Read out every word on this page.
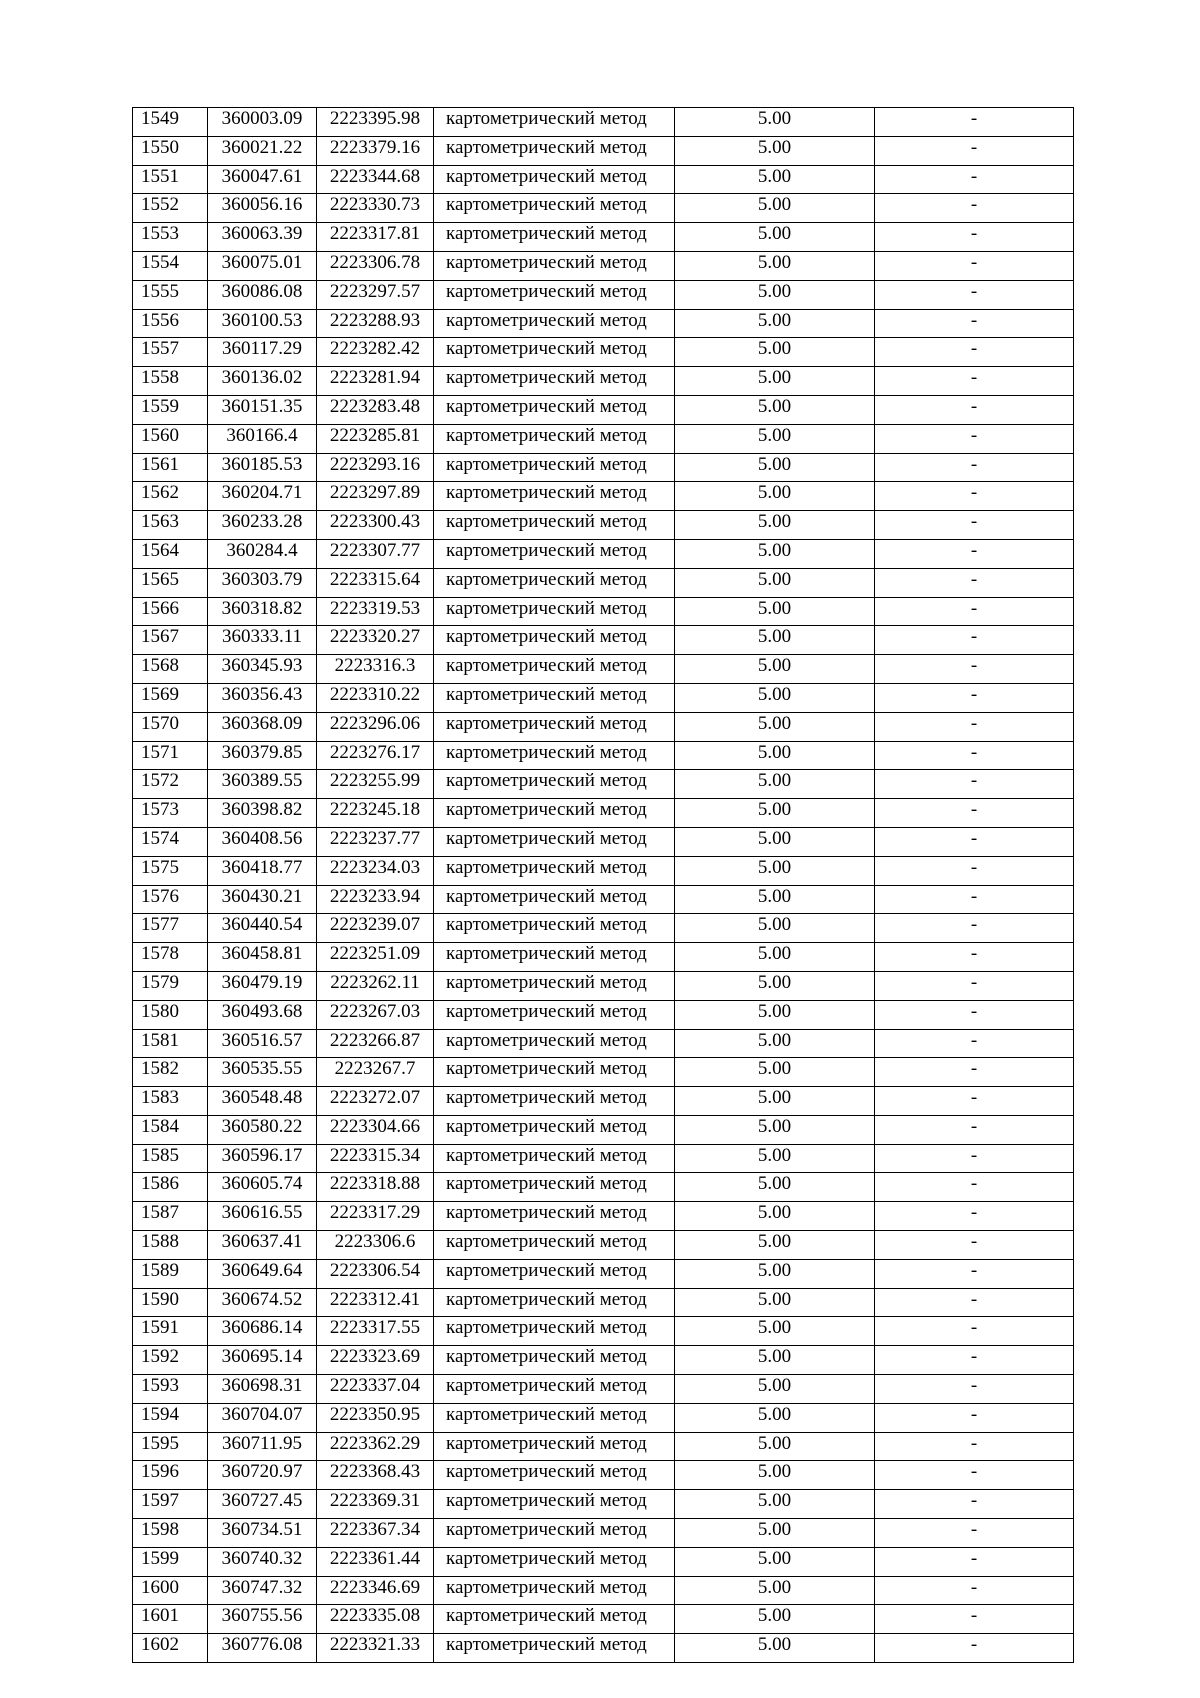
1549	360003.09	2223395.98	картометрический метод	5.00	-
1550	360021.22	2223379.16	картометрический метод	5.00	-
1551	360047.61	2223344.68	картометрический метод	5.00	-
1552	360056.16	2223330.73	картометрический метод	5.00	-
1553	360063.39	2223317.81	картометрический метод	5.00	-
1554	360075.01	2223306.78	картометрический метод	5.00	-
1555	360086.08	2223297.57	картометрический метод	5.00	-
1556	360100.53	2223288.93	картометрический метод	5.00	-
1557	360117.29	2223282.42	картометрический метод	5.00	-
1558	360136.02	2223281.94	картометрический метод	5.00	-
1559	360151.35	2223283.48	картометрический метод	5.00	-
1560	360166.4	2223285.81	картометрический метод	5.00	-
1561	360185.53	2223293.16	картометрический метод	5.00	-
1562	360204.71	2223297.89	картометрический метод	5.00	-
1563	360233.28	2223300.43	картометрический метод	5.00	-
1564	360284.4	2223307.77	картометрический метод	5.00	-
1565	360303.79	2223315.64	картометрический метод	5.00	-
1566	360318.82	2223319.53	картометрический метод	5.00	-
1567	360333.11	2223320.27	картометрический метод	5.00	-
1568	360345.93	2223316.3	картометрический метод	5.00	-
1569	360356.43	2223310.22	картометрический метод	5.00	-
1570	360368.09	2223296.06	картометрический метод	5.00	-
1571	360379.85	2223276.17	картометрический метод	5.00	-
1572	360389.55	2223255.99	картометрический метод	5.00	-
1573	360398.82	2223245.18	картометрический метод	5.00	-
1574	360408.56	2223237.77	картометрический метод	5.00	-
1575	360418.77	2223234.03	картометрический метод	5.00	-
1576	360430.21	2223233.94	картометрический метод	5.00	-
1577	360440.54	2223239.07	картометрический метод	5.00	-
1578	360458.81	2223251.09	картометрический метод	5.00	-
1579	360479.19	2223262.11	картометрический метод	5.00	-
1580	360493.68	2223267.03	картометрический метод	5.00	-
1581	360516.57	2223266.87	картометрический метод	5.00	-
1582	360535.55	2223267.7	картометрический метод	5.00	-
1583	360548.48	2223272.07	картометрический метод	5.00	-
1584	360580.22	2223304.66	картометрический метод	5.00	-
1585	360596.17	2223315.34	картометрический метод	5.00	-
1586	360605.74	2223318.88	картометрический метод	5.00	-
1587	360616.55	2223317.29	картометрический метод	5.00	-
1588	360637.41	2223306.6	картометрический метод	5.00	-
1589	360649.64	2223306.54	картометрический метод	5.00	-
1590	360674.52	2223312.41	картометрический метод	5.00	-
1591	360686.14	2223317.55	картометрический метод	5.00	-
1592	360695.14	2223323.69	картометрический метод	5.00	-
1593	360698.31	2223337.04	картометрический метод	5.00	-
1594	360704.07	2223350.95	картометрический метод	5.00	-
1595	360711.95	2223362.29	картометрический метод	5.00	-
1596	360720.97	2223368.43	картометрический метод	5.00	-
1597	360727.45	2223369.31	картометрический метод	5.00	-
1598	360734.51	2223367.34	картометрический метод	5.00	-
1599	360740.32	2223361.44	картометрический метод	5.00	-
1600	360747.32	2223346.69	картометрический метод	5.00	-
1601	360755.56	2223335.08	картометрический метод	5.00	-
1602	360776.08	2223321.33	картометрический метод	5.00	-
